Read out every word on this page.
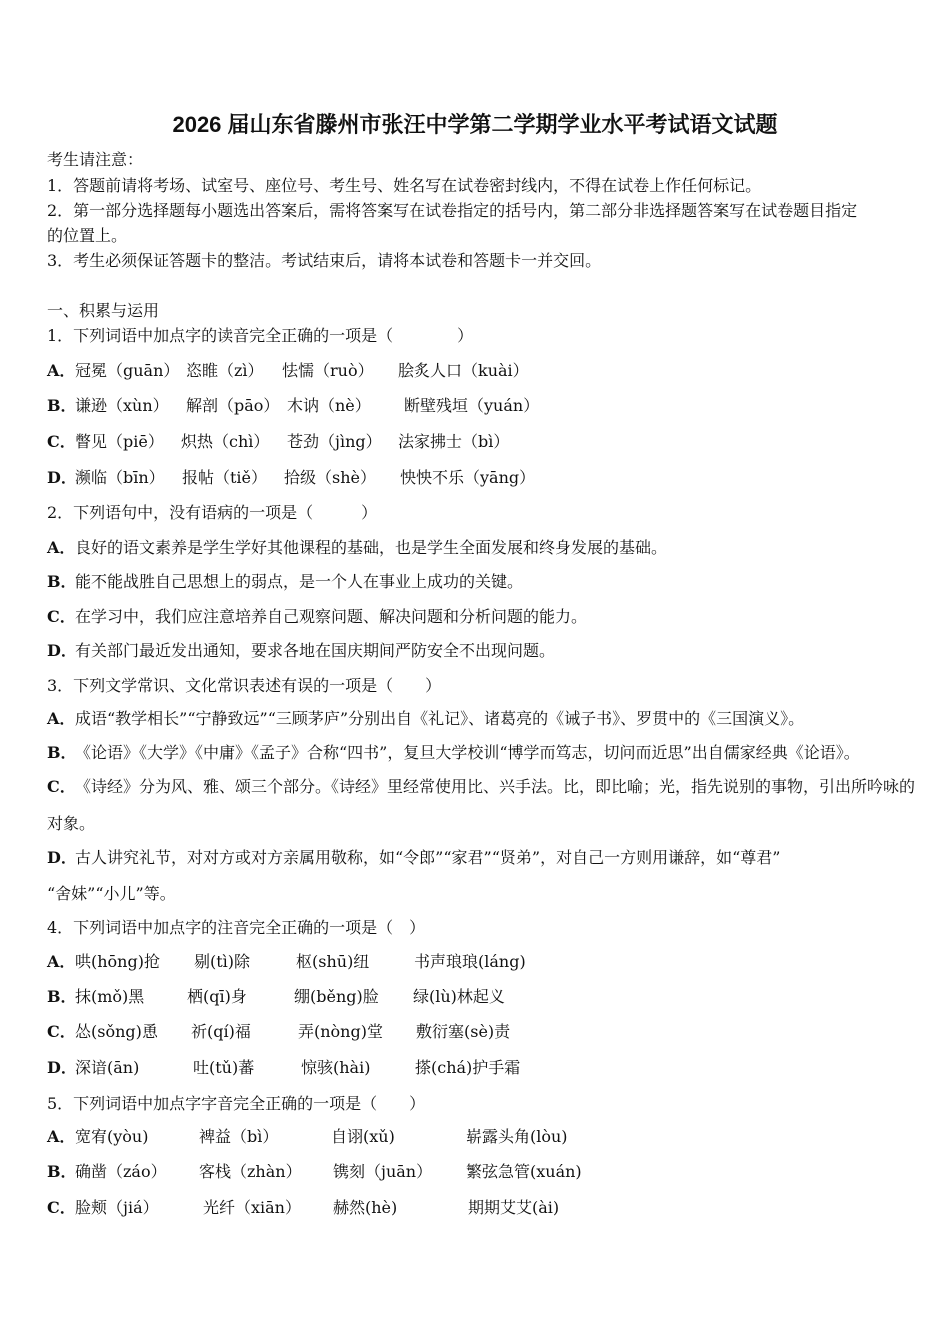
2026 届山东省滕州市张汪中学第二学期学业水平考试语文试题
考生请注意：
1．答题前请将考场、试室号、座位号、考生号、姓名写在试卷密封线内，不得在试卷上作任何标记。
2．第一部分选择题每小题选出答案后，需将答案写在试卷指定的括号内，第二部分非选择题答案写在试卷题目指定
的位置上。
3．考生必须保证答题卡的整洁。考试结束后，请将本试卷和答题卡一并交回。
一、积累与运用
1．下列词语中加点字的读音完全正确的一项是（　　　　）
A． 冠冕（guān） 恣睢（zì） 怯懦（ruò） 脍炙人口（kuài）
B．
谦逊（xùn） 解剖（pāo） 木讷（nè） 断壁残垣（yuán）
C． 瞥见（piē） 炽热（chì） 苍劲（jìng） 法家拂士（bì）
D．
濒临（bīn） 报帖（tiě） 拾级（shè） 怏怏不乐（yāng）
2．下列语句中，没有语病的一项是（　　　）
A． 良好的语文素养是学生学好其他课程的基础，也是学生全面发展和终身发展的基础。
B．
能不能战胜自己思想上的弱点，是一个人在事业上成功的关键。
C． 在学习中，我们应注意培养自己观察问题、解决问题和分析问题的能力。
D．
有关部门最近发出通知，要求各地在国庆期间严防安全不出现问题。
3．下列文学常识、文化常识表述有误的一项是（　　）
A． 成语“教学相长”“宁静致远”“三顾茅庐”分别出自《礼记》、诸葛亮的《诫子书》、罗贯中的《三国演义》。
B．
《论语》《大学》《中庸》《孟子》合称“四书”，复旦大学校训“博学而笃志，切问而近思”出自儒家经典《论语》。
C． 《诗经》分为风、雅、颂三个部分。《诗经》里经常使用比、兴手法。比，即比喻；光，指先说别的事物，引出所吟咏的
对象。
D．
古人讲究礼节，对对方或对方亲属用敬称，如“令郎”“家君”“贤弟”，对自己一方则用谦辞，如“尊君”
“舍妹”“小儿”等。
4．下列词语中加点字的注音完全正确的一项是（　）
A． 哄(hōng)抢 剔(tì)除	枢(shū)纽	书声琅琅(láng)
B．
抹(mǒ)黑	栖(qī)身	绷(běng)脸 绿(lù)林起义
C． 怂(sǒng)恿 祈(qí)福	弄(nòng)堂 敷衍塞(sè)责
D．
深谙(ān)	吐(tǔ)蕃	惊骇(hài)	搽(chá)护手霜
5．下列词语中加点字字音完全正确的一项是（　　）
A． 宽宥(yòu)	裨益（bì）	自诩(xǔ)	崭露头角(lòu)
B．
确凿（záo） 客栈（zhàn） 镌刻（juān） 繁弦急管(xuán)
C． 脸颊（jiá）	光纤（xiān） 赫然(hè)	期期艾艾(ài)
